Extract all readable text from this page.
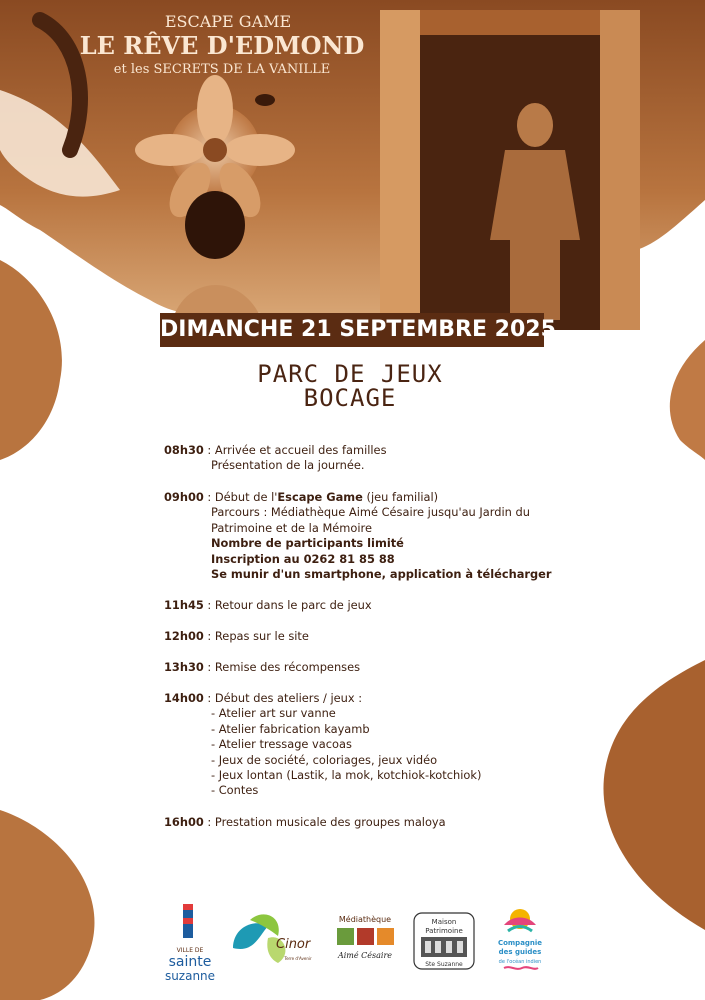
ESCAPE GAME
LE RÊVE D'EDMOND
et les SECRETS DE LA VANILLE
DIMANCHE 21 SEPTEMBRE 2025
PARC DE JEUX
BOCAGE
08h30 : Arrivée et accueil des familles
Présentation de la journée.
09h00 : Début de l'Escape Game (jeu familial)
Parcours : Médiathèque Aimé Césaire jusqu'au Jardin du
Patrimoine et de la Mémoire
Nombre de participants limité
Inscription au 0262 81 85 88
Se munir d'un smartphone, application à télécharger
11h45 : Retour dans le parc de jeux
12h00 : Repas sur le site
13h30 : Remise des récompenses
14h00 : Début des ateliers / jeux :
- Atelier art sur vanne
- Atelier fabrication kayamb
- Atelier tressage vacoas
- Jeux de société, coloriages, jeux vidéo
- Jeux lontan (Lastik, la mok, kotchiok-kotchiok)
- Contes
16h00 : Prestation musicale des groupes maloya
VILLE DE
sainte
suzanne
Cinor
Terre d'Avenir
Médiathèque
Aimé Césaire
Maison
Patrimoine
Ste Suzanne
Compagnie
des guides
de l'océan indien
